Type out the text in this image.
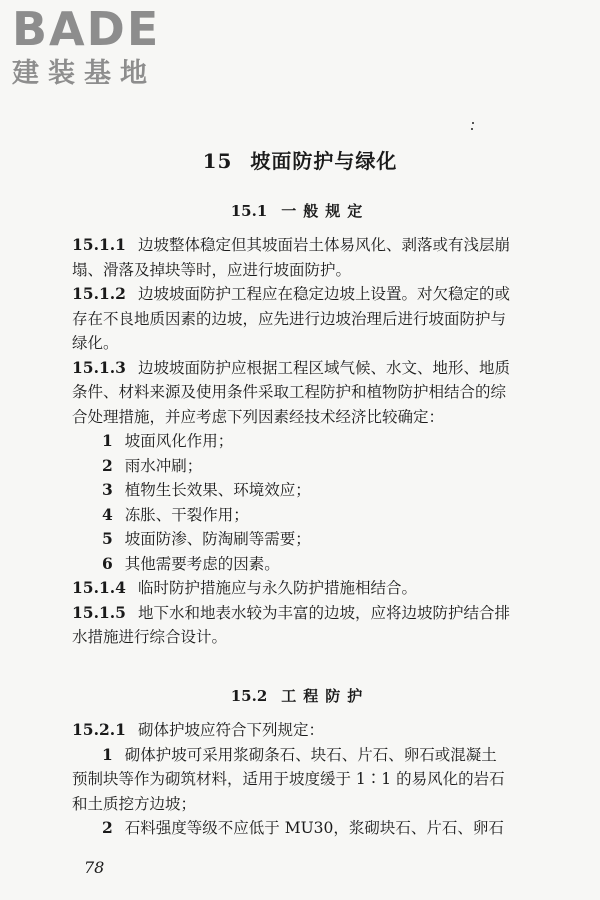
BADE
建装基地
15 坡面防护与绿化
15.1 一般规定
15.1.1 边坡整体稳定但其坡面岩土体易风化、剥落或有浅层崩
塌、滑落及掉块等时，应进行坡面防护。
15.1.2 边坡坡面防护工程应在稳定边坡上设置。对欠稳定的或
存在不良地质因素的边坡，应先进行边坡治理后进行坡面防护与
绿化。
15.1.3 边坡坡面防护应根据工程区域气候、水文、地形、地质
条件、材料来源及使用条件采取工程防护和植物防护相结合的综
合处理措施，并应考虑下列因素经技术经济比较确定：
1 坡面风化作用；
2 雨水冲刷；
3 植物生长效果、环境效应；
4 冻胀、干裂作用；
5 坡面防渗、防淘刷等需要；
6 其他需要考虑的因素。
15.1.4 临时防护措施应与永久防护措施相结合。
15.1.5 地下水和地表水较为丰富的边坡，应将边坡防护结合排
水措施进行综合设计。
15.2 工程防护
15.2.1 砌体护坡应符合下列规定：
1 砌体护坡可采用浆砌条石、块石、片石、卵石或混凝土
预制块等作为砌筑材料，适用于坡度缓于 1∶1 的易风化的岩石
和土质挖方边坡；
2 石料强度等级不应低于 MU30，浆砌块石、片石、卵石
78
